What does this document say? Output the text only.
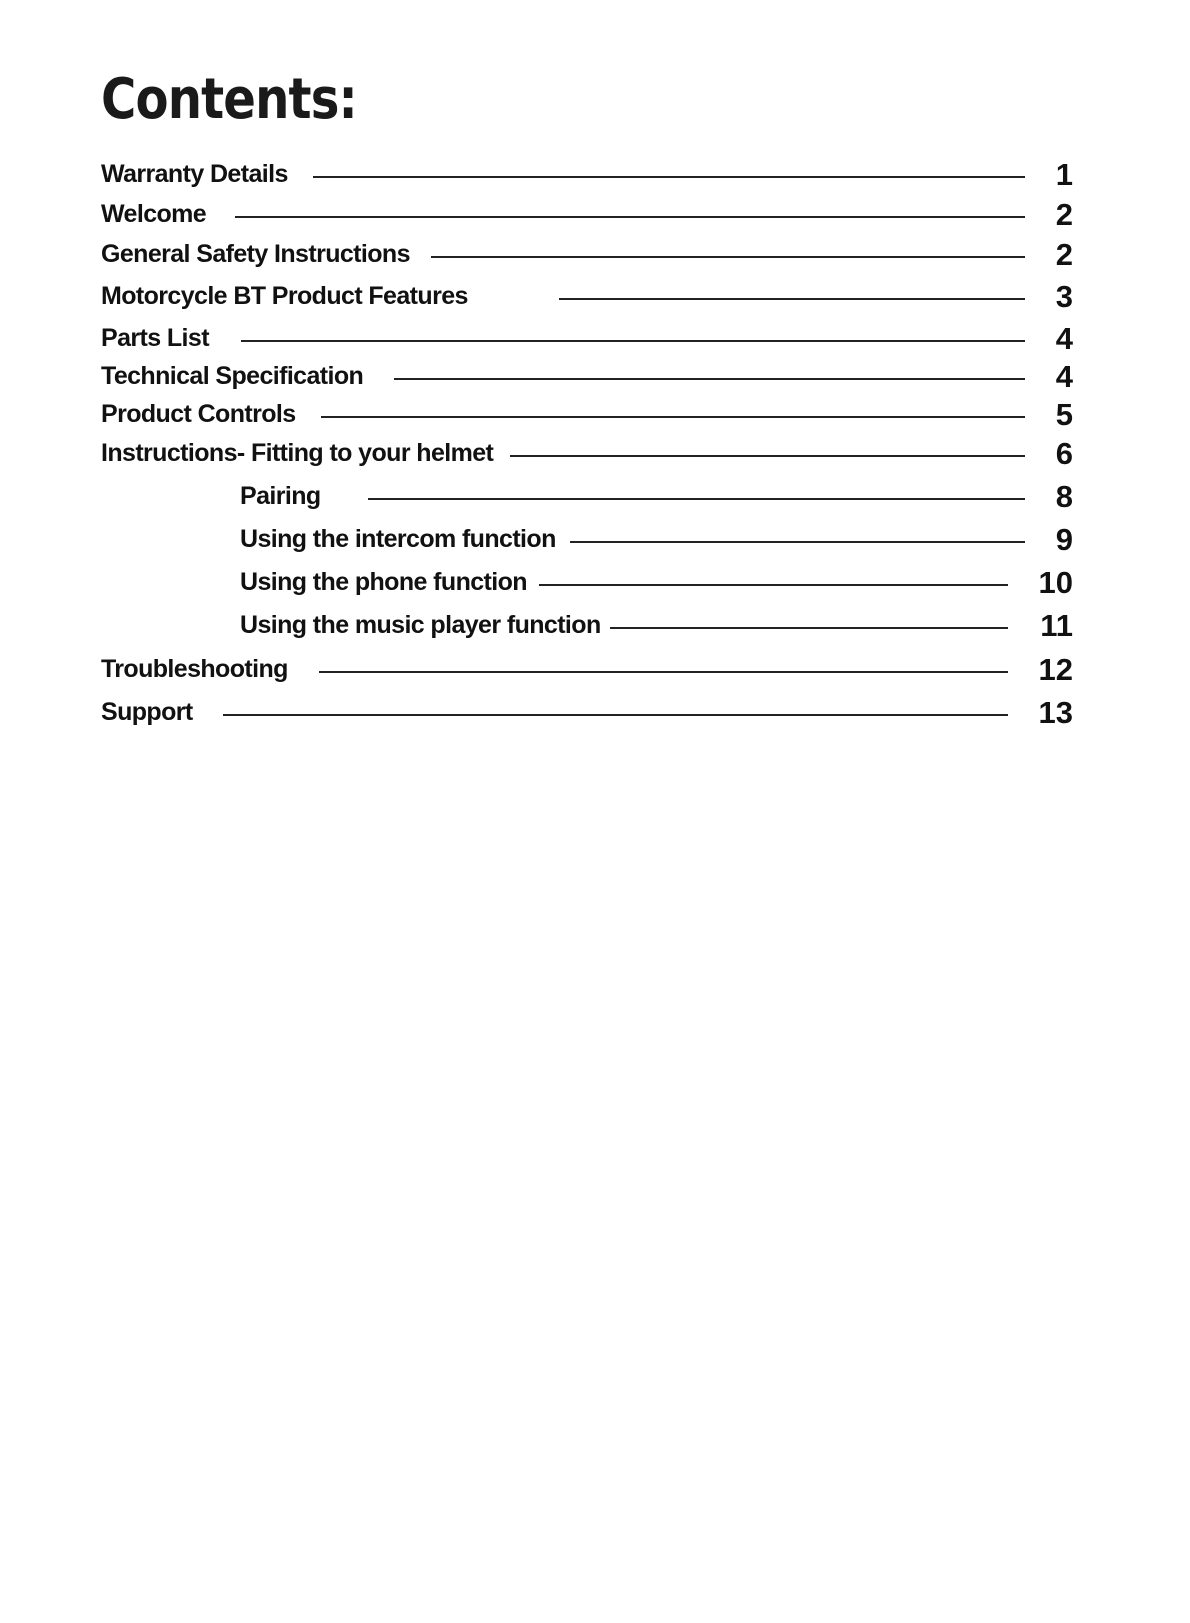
Contents:
Warranty Details	1
Welcome	2
General Safety Instructions	2
Motorcycle BT Product Features	3
Parts List	4
Technical Specification	4
Product Controls	5
Instructions- Fitting to your helmet	6
Pairing	8
Using the intercom function	9
Using the phone function	10
Using the music player function	11
Troubleshooting	12
Support	13
